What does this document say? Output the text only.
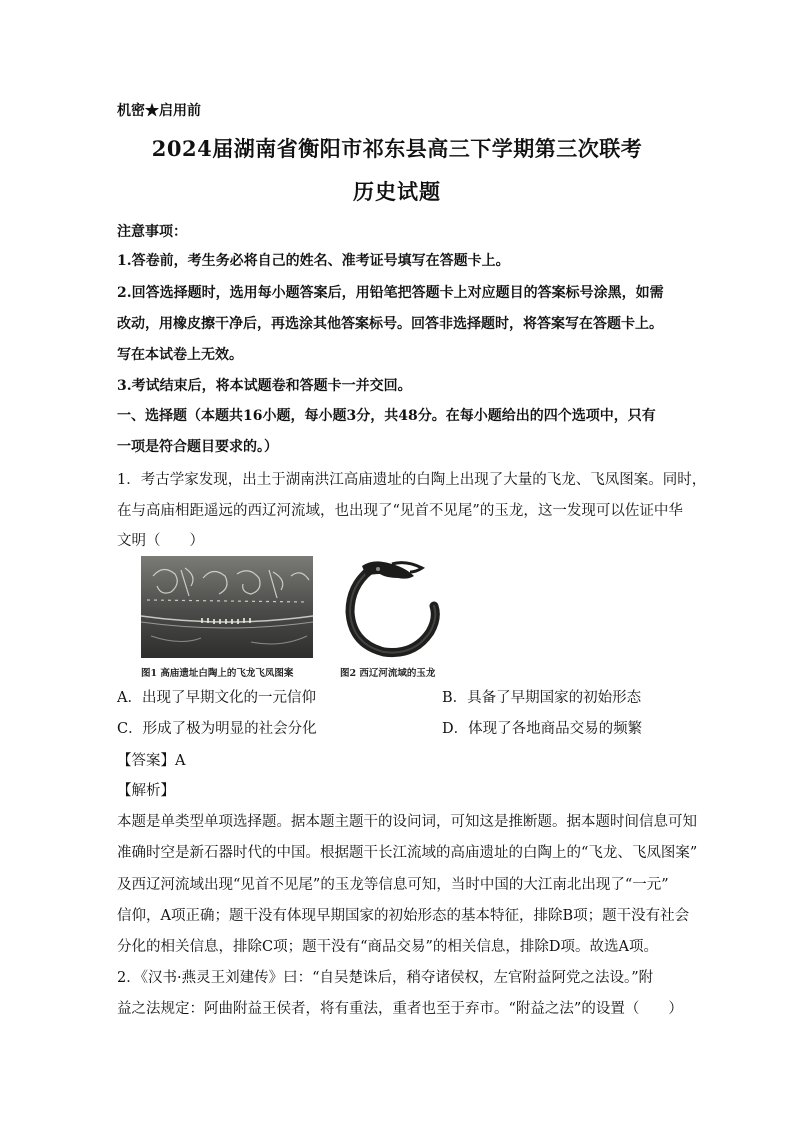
机密★启用前
2024届湖南省衡阳市祁东县高三下学期第三次联考
历史试题
注意事项：
1.答卷前，考生务必将自己的姓名、准考证号填写在答题卡上。
2.回答选择题时，选用每小题答案后，用铅笔把答题卡上对应题目的答案标号涂黑，如需
改动，用橡皮擦干净后，再选涂其他答案标号。回答非选择题时，将答案写在答题卡上。
写在本试卷上无效。
3.考试结束后，将本试题卷和答题卡一并交回。
一、选择题（本题共16小题，每小题3分，共48分。在每小题给出的四个选项中，只有
一项是符合题目要求的。）
1．考古学家发现，出土于湖南洪江高庙遗址的白陶上出现了大量的飞龙、飞凤图案。同时，
在与高庙相距遥远的西辽河流域，也出现了“见首不见尾”的玉龙，这一发现可以佐证中华
文明（　　）
图1 高庙遗址白陶上的飞龙飞凤图案	图2 西辽河流域的玉龙
A．出现了早期文化的一元信仰	B．具备了早期国家的初始形态
C．形成了极为明显的社会分化	D．体现了各地商品交易的频繁
【答案】A
【解析】
本题是单类型单项选择题。据本题主题干的设问词，可知这是推断题。据本题时间信息可知
准确时空是新石器时代的中国。根据题干长江流域的高庙遗址的白陶上的“飞龙、飞凤图案”
及西辽河流域出现“见首不见尾”的玉龙等信息可知，当时中国的大江南北出现了“一元”
信仰，A项正确；题干没有体现早期国家的初始形态的基本特征，排除B项；题干没有社会
分化的相关信息，排除C项；题干没有“商品交易”的相关信息，排除D项。故选A项。
2．《汉书·燕灵王刘建传》曰：“自吴楚诛后，稍夺诸侯权，左官附益阿党之法设。”附
益之法规定：阿曲附益王侯者，将有重法，重者也至于弃市。“附益之法”的设置（　　）
